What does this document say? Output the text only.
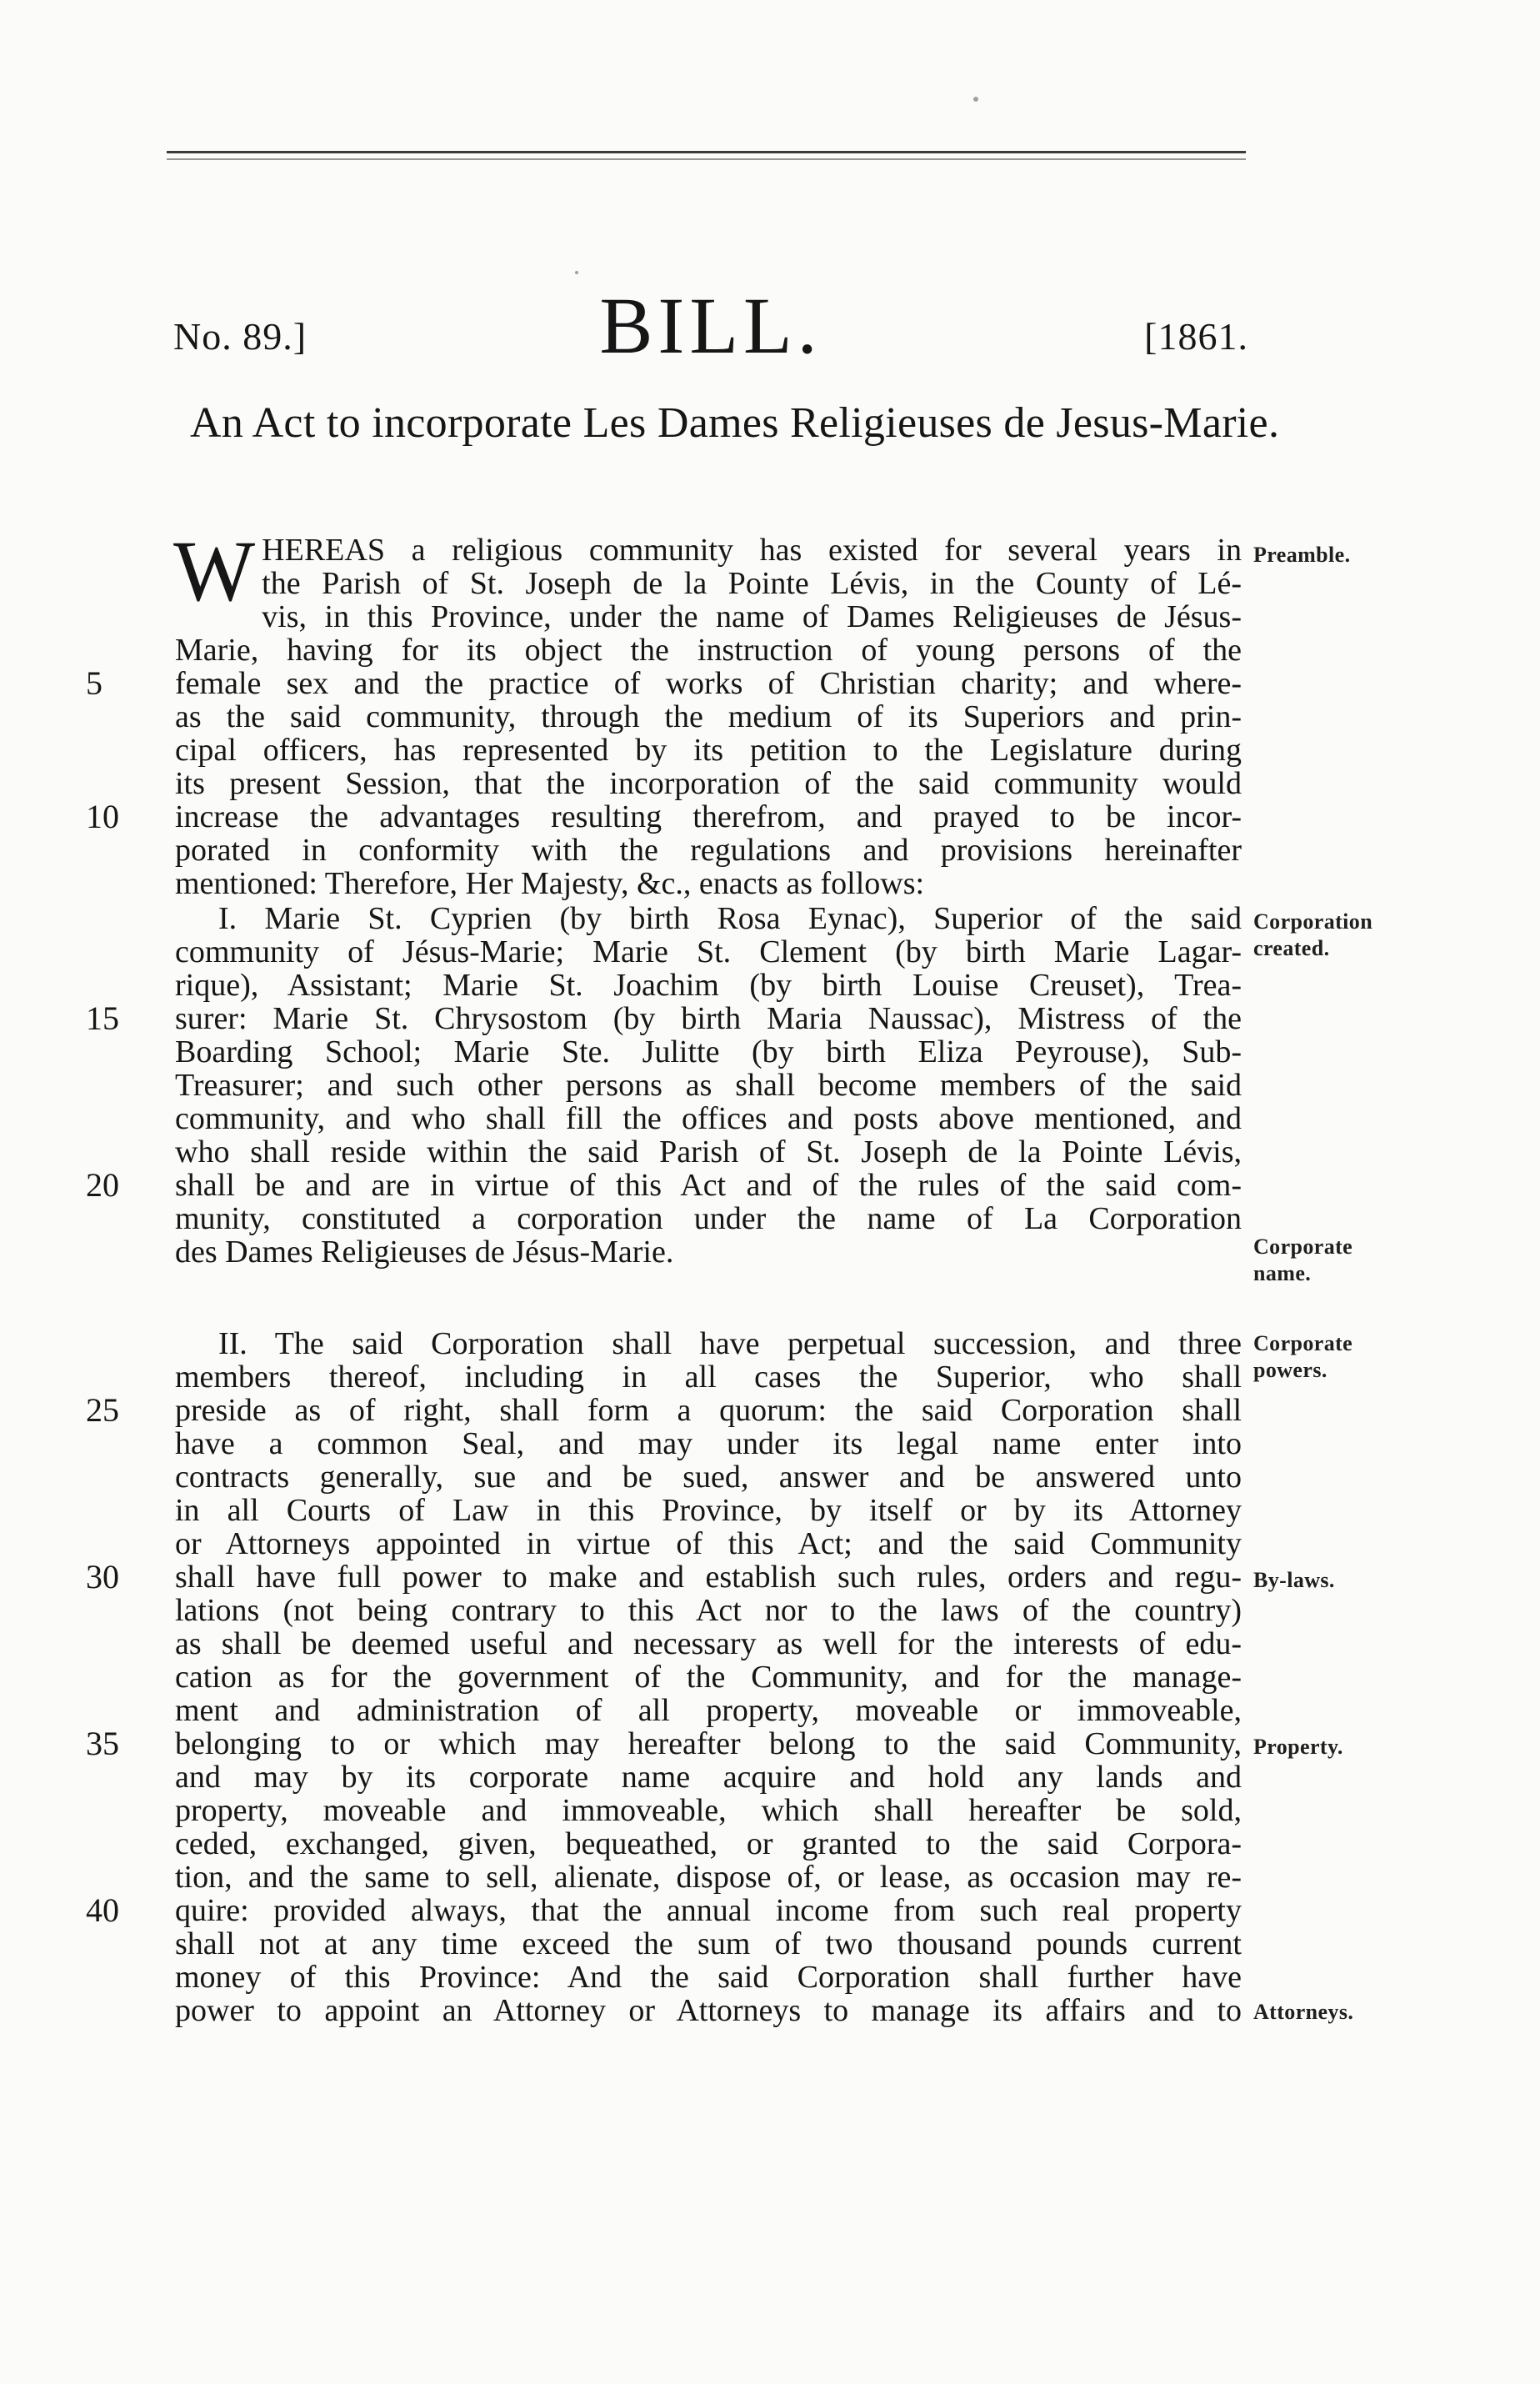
No. 89.]	BILL.	[1861.
An Act to incorporate Les Dames Religieuses de Jesus-Marie.
W HEREAS a religious community has existed for several years in
the Parish of St. Joseph de la Pointe Lévis, in the County of Lé-
vis, in this Province, under the name of Dames Religieuses de Jésus-
Marie, having for its object the instruction of young persons of the
female sex and the practice of works of Christian charity; and where-
as the said community, through the medium of its Superiors and prin-
cipal officers, has represented by its petition to the Legislature during
its present Session, that the incorporation of the said community would
increase the advantages resulting therefrom, and prayed to be incor-
porated in conformity with the regulations and provisions hereinafter
mentioned: Therefore, Her Majesty, &c., enacts as follows:
I. Marie St. Cyprien (by birth Rosa Eynac), Superior of the said
community of Jésus-Marie; Marie St. Clement (by birth Marie Lagar-
rique), Assistant; Marie St. Joachim (by birth Louise Creuset), Trea-
surer: Marie St. Chrysostom (by birth Maria Naussac), Mistress of the
Boarding School; Marie Ste. Julitte (by birth Eliza Peyrouse), Sub-
Treasurer; and such other persons as shall become members of the said
community, and who shall fill the offices and posts above mentioned, and
who shall reside within the said Parish of St. Joseph de la Pointe Lévis,
shall be and are in virtue of this Act and of the rules of the said com-
munity, constituted a corporation under the name of La Corporation
des Dames Religieuses de Jésus-Marie.
II. The said Corporation shall have perpetual succession, and three
members thereof, including in all cases the Superior, who shall
preside as of right, shall form a quorum: the said Corporation shall
have a common Seal, and may under its legal name enter into
contracts generally, sue and be sued, answer and be answered unto
in all Courts of Law in this Province, by itself or by its Attorney
or Attorneys appointed in virtue of this Act; and the said Community
shall have full power to make and establish such rules, orders and regu-
lations (not being contrary to this Act nor to the laws of the country)
as shall be deemed useful and necessary as well for the interests of edu-
cation as for the government of the Community, and for the manage-
ment and administration of all property, moveable or immoveable,
belonging to or which may hereafter belong to the said Community,
and may by its corporate name acquire and hold any lands and
property, moveable and immoveable, which shall hereafter be sold,
ceded, exchanged, given, bequeathed, or granted to the said Corpora-
tion, and the same to sell, alienate, dispose of, or lease, as occasion may re-
quire: provided always, that the annual income from such real property
shall not at any time exceed the sum of two thousand pounds current
money of this Province: And the said Corporation shall further have
power to appoint an Attorney or Attorneys to manage its affairs and to
5
10
15
20
25
30
35
40
Preamble.
Corporation created.
Corporate name.
Corporate powers.
By-laws.
Property.
Attorneys.
